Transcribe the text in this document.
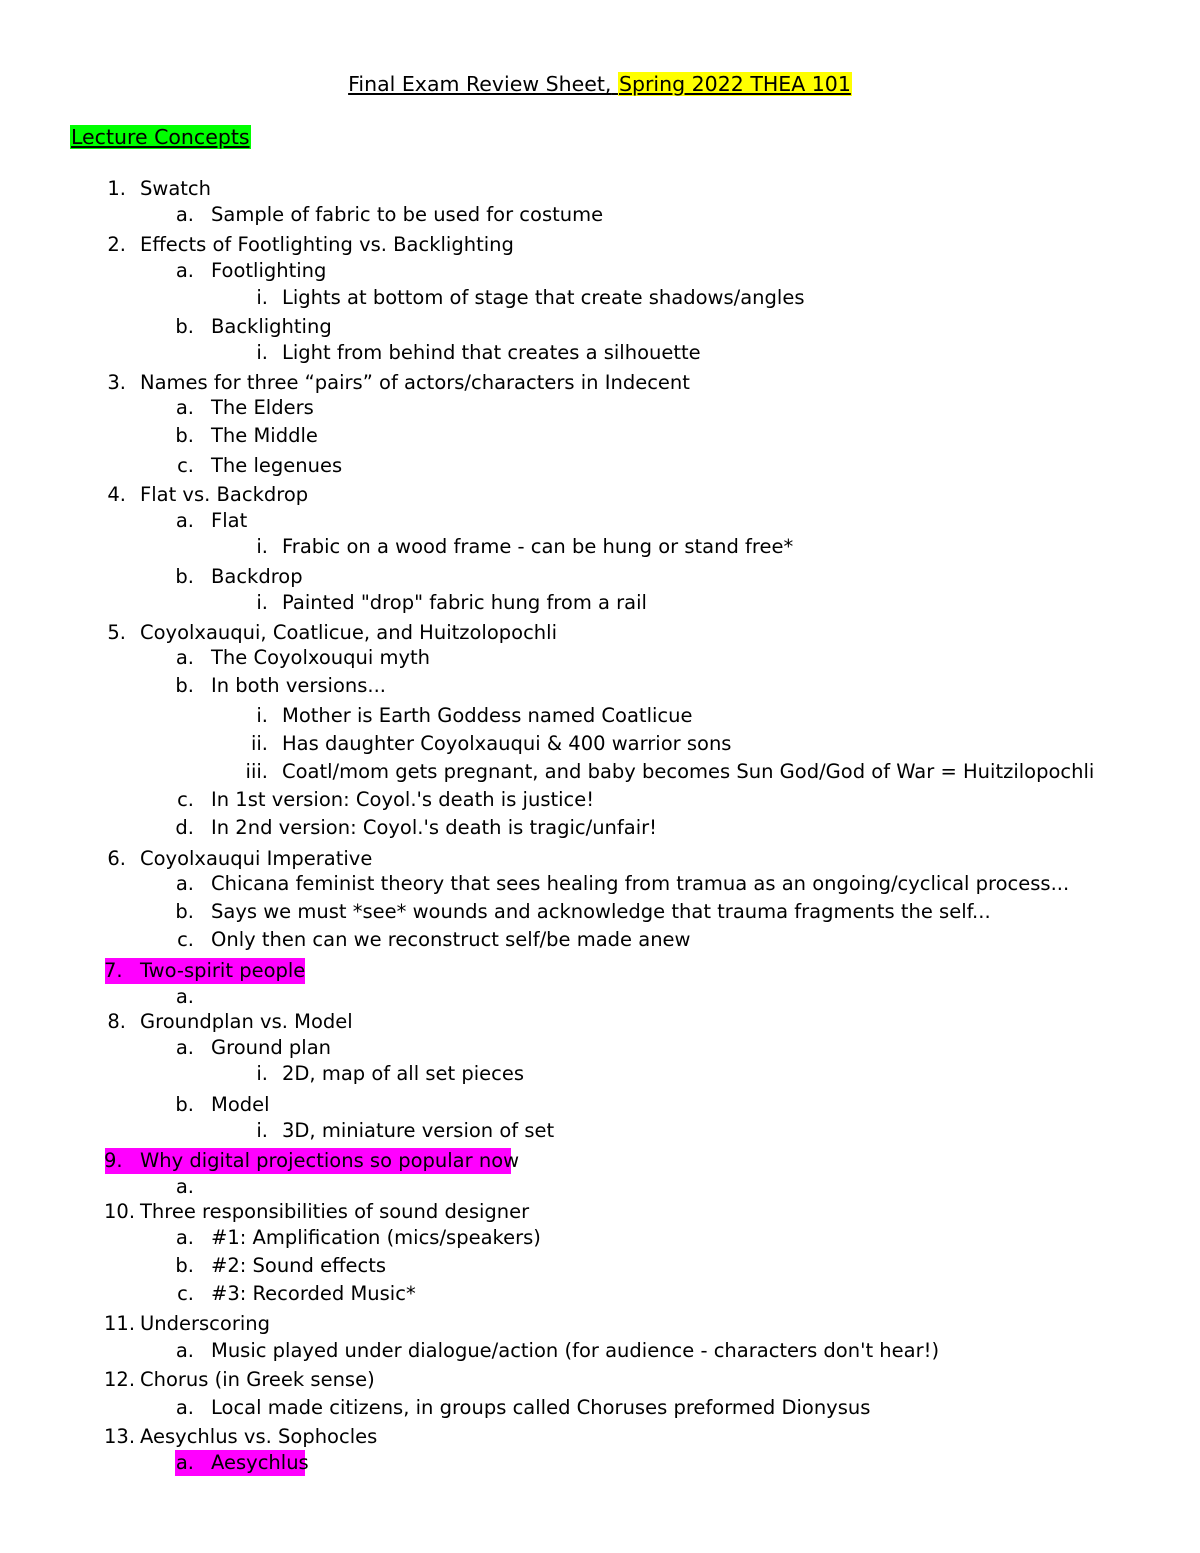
Final Exam Review Sheet, Spring 2022 THEA 101
Lecture Concepts
1. Swatch
a. Sample of fabric to be used for costume
2. Effects of Footlighting vs. Backlighting
a. Footlighting
i. Lights at bottom of stage that create shadows/angles
b. Backlighting
i. Light from behind that creates a silhouette
3. Names for three “pairs” of actors/characters in Indecent
a. The Elders
b. The Middle
c. The legenues
4. Flat vs. Backdrop
a. Flat
i. Frabic on a wood frame - can be hung or stand free*
b. Backdrop
i. Painted "drop" fabric hung from a rail
5. Coyolxauqui, Coatlicue, and Huitzolopochli
a. The Coyolxouqui myth
b. In both versions...
i. Mother is Earth Goddess named Coatlicue
ii. Has daughter Coyolxauqui & 400 warrior sons
iii. Coatl/mom gets pregnant, and baby becomes Sun God/God of War = Huitzilopochli
c. In 1st version: Coyol.'s death is justice!
d. In 2nd version: Coyol.'s death is tragic/unfair!
6. Coyolxauqui Imperative
a. Chicana feminist theory that sees healing from tramua as an ongoing/cyclical process...
b. Says we must *see* wounds and acknowledge that trauma fragments the self...
c. Only then can we reconstruct self/be made anew
7. Two-spirit people
a.
8. Groundplan vs. Model
a. Ground plan
i. 2D, map of all set pieces
b. Model
i. 3D, miniature version of set
9. Why digital projections so popular now
a.
10. Three responsibilities of sound designer
a. #1: Amplification (mics/speakers)
b. #2: Sound effects
c. #3: Recorded Music*
11. Underscoring
a. Music played under dialogue/action (for audience - characters don't hear!)
12. Chorus (in Greek sense)
a. Local made citizens, in groups called Choruses preformed Dionysus
13. Aesychlus vs. Sophocles
a. Aesychlus
